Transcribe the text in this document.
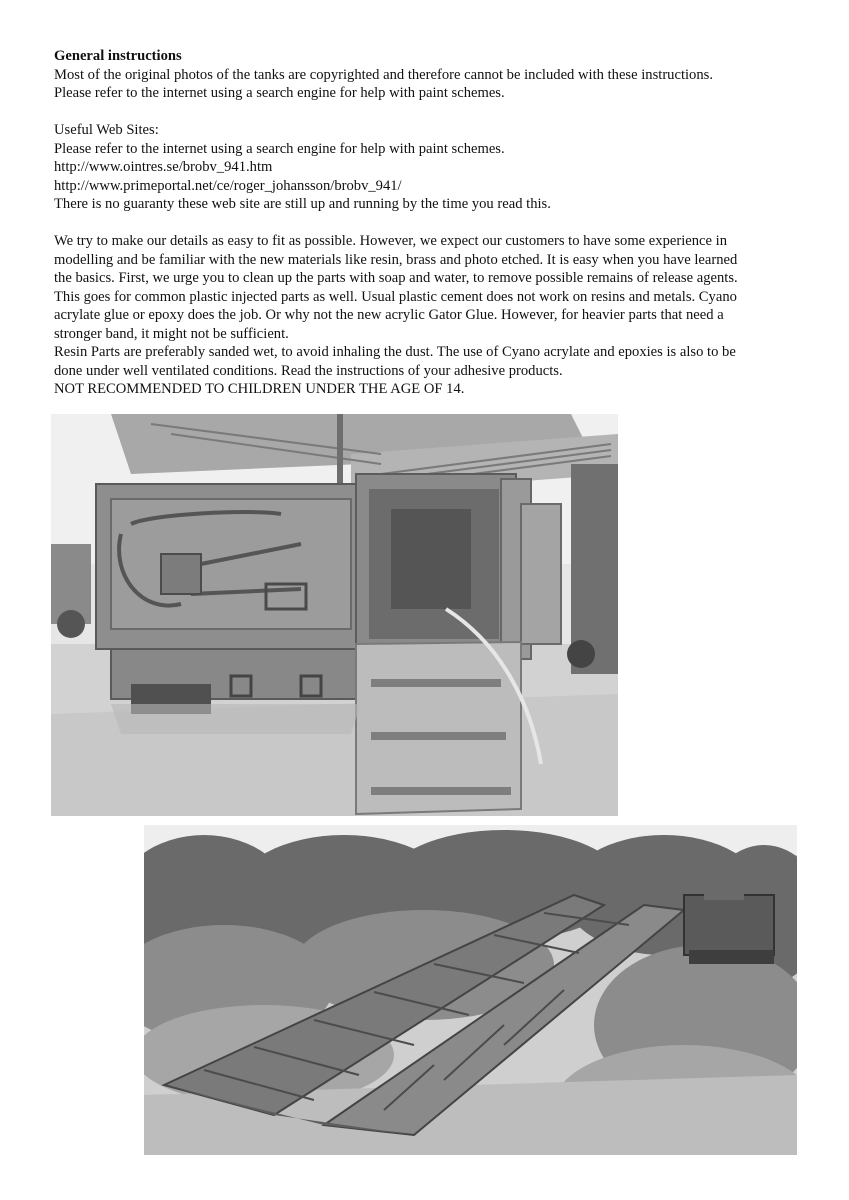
General instructions

Most of the original photos of the tanks are copyrighted and therefore cannot be included with these instructions.

Please refer to the internet using a search engine for help with paint schemes.

Useful Web Sites:

Please refer to the internet using a search engine for help with paint schemes.

http://www.ointres.se/brobv_941.htm

http://www.primeportal.net/ce/roger_johansson/brobv_941/

There is no guaranty these web site are still up and running by the time you read this.

We try to make our details as easy to fit as possible. However, we expect our customers to have some experience in

modelling and be familiar with the new materials like resin, brass and photo etched. It is easy when you have learned

the basics. First, we urge you to clean up the parts with soap and water, to remove possible remains of release agents.

This goes for common plastic injected parts as well. Usual plastic cement does not work on resins and metals. Cyano

acrylate glue or epoxy does the job. Or why not the new acrylic Gator Glue. However, for heavier parts that need a

stronger band, it might not be sufficient.

Resin Parts are preferably sanded wet, to avoid inhaling the dust. The use of Cyano acrylate and epoxies is also to be

done under well ventilated conditions. Read the instructions of your adhesive products.

NOT RECOMMENDED TO CHILDREN UNDER THE AGE OF 14.
